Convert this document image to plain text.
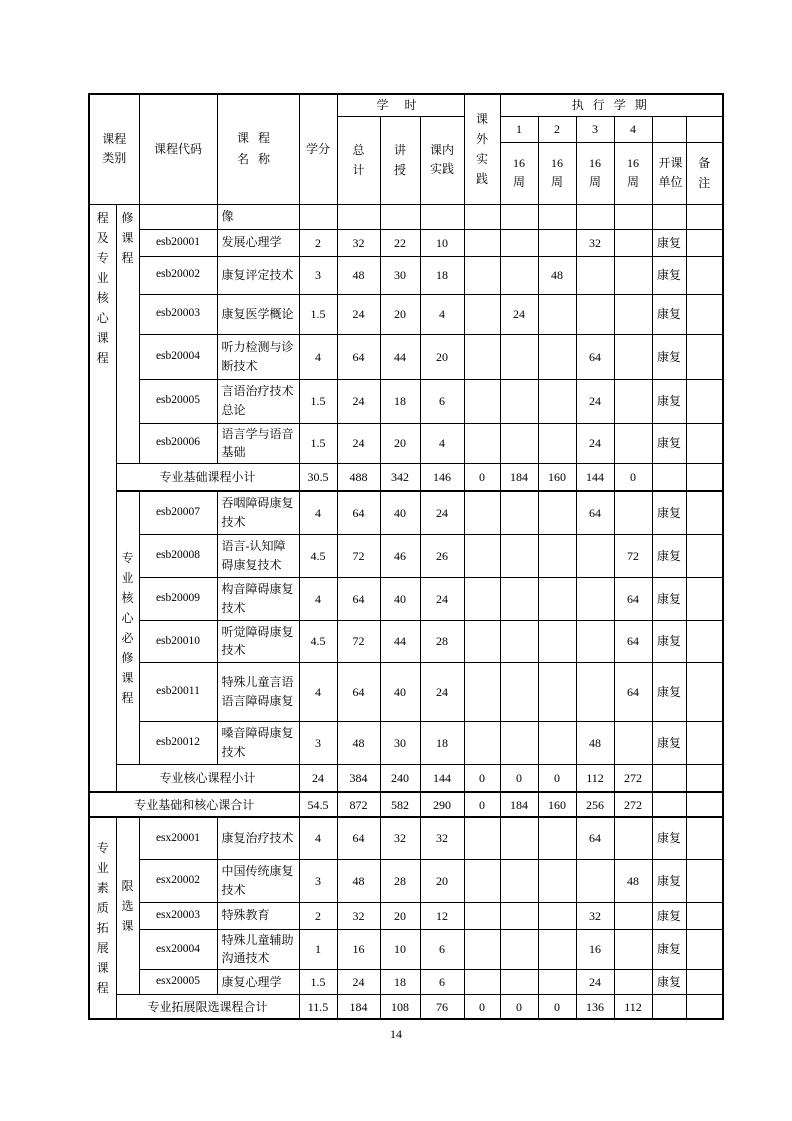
课程类别		课程代码	课程名称	学分	学时			课外实践	执行学期					

					总计	讲授	课内实践		1	2	3	4		

									16周	16周	16周	16周	开课单位	备注

程及专业核心课程	修课程		像											
		esb20001	发展心理学	2	32	22	10				32		康复	
		esb20002	康复评定技术	3	48	30	18			48			康复	
		esb20003	康复医学概论	1.5	24	20	4		24				康复	
		esb20004	听力检测与诊断技术	4	64	44	20				64		康复	
		esb20005	言语治疗技术总论	1.5	24	18	6				24		康复	
		esb20006	语言学与语音基础	1.5	24	20	4				24		康复	
	专业基础课程小计			30.5	488	342	146	0	184	160	144	0		

	专业核心必修课程	esb20007	吞咽障碍康复技术	4	64	40	24				64		康复	
		esb20008	语言-认知障碍康复技术	4.5	72	46	26					72	康复	
		esb20009	构音障碍康复技术	4	64	40	24					64	康复	
		esb20010	听觉障碍康复技术	4.5	72	44	28					64	康复	
		esb20011	特殊儿童言语语言障碍康复	4	64	40	24					64	康复	
		esb20012	嗓音障碍康复技术	3	48	30	18				48		康复	
	专业核心课程小计			24	384	240	144	0	0	0	112	272		
专业基础和核心课合计				54.5	872	582	290	0	184	160	256	272		

专业素质拓展课程	限选课	esx20001	康复治疗技术	4	64	32	32				64		康复	
		esx20002	中国传统康复技术	3	48	28	20					48	康复	
		esx20003	特殊教育	2	32	20	12				32		康复	
		esx20004	特殊儿童辅助沟通技术	1	16	10	6				16		康复	
		esx20005	康复心理学	1.5	24	18	6				24		康复	
	专业拓展限选课程合计			11.5	184	108	76	0	0	0	136	112		
14
